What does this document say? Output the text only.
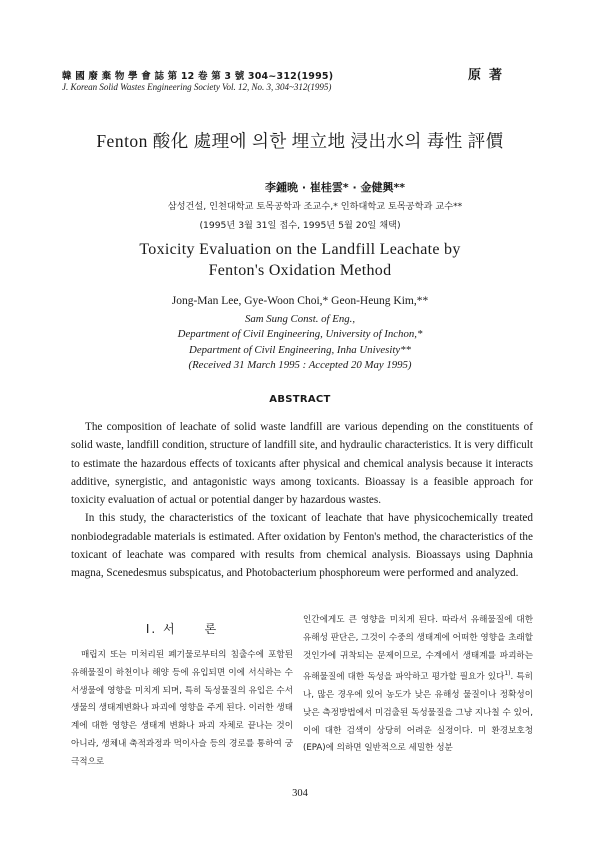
韓 國 廢 棄 物 學 會 誌 第 12 卷 第 3 號 304~312(1995)
J. Korean Solid Wastes Engineering Society Vol. 12, No. 3, 304~312(1995)
原著
Fenton 酸化 處理에 의한 埋立地 浸出水의 毒性 評價
李鍾晩 · 崔桂雲* · 金健興**
삼성건설, 인천대학교 토목공학과 조교수,* 인하대학교 토목공학과 교수**
(1995년 3월 31일 접수, 1995년 5월 20일 채택)
Toxicity Evaluation on the Landfill Leachate by
Fenton's Oxidation Method
Jong-Man Lee, Gye-Woon Choi,* Geon-Heung Kim,**
Sam Sung Const. of Eng.,
Department of Civil Engineering, University of Inchon,*
Department of Civil Engineering, Inha Univesity**
(Received 31 March 1995 : Accepted 20 May 1995)
ABSTRACT

The composition of leachate of solid waste landfill are various depending on the constituents of solid waste, landfill condition, structure of landfill site, and hydraulic characteristics. It is very difficult to estimate the hazardous effects of toxicants after physical and chemical analysis because it interacts additive, synergistic, and antagonistic ways among toxicants. Bioassay is a feasible approach for toxicity evaluation of actual or potential danger by hazardous wastes.

In this study, the characteristics of the toxicant of leachate that have physicochemically treated nonbiodegradable materials is estimated. After oxidation by Fenton's method, the characteristics of the toxicant of leachate was compared with results from chemical analysis. Bioassays using Daphnia magna, Scenedesmus subspicatus, and Photobacterium phosphoreum were performed and analyzed.

I. 서 론

매립지 또는 미처리된 폐기물로부터의 침출수에 포함된 유해물질이 하천이나 해양 등에 유입되면 이에 서식하는 수서생물에 영향을 미치게 되며, 특히 독성물질의 유입은 수서생물의 생태계변화나 파괴에 영향을 주게 된다. 이러한 생태계에 대한 영향은 생태계 변화나 파괴 자체로 끝나는 것이 아니라, 생체내 축적과정과 먹이사슬 등의 경로를 통하여 궁극적으로

인간에게도 큰 영향을 미치게 된다. 따라서 유해물질에 대한 유해성 판단은, 그것이 수중의 생태계에 어떠한 영향을 초래할 것인가에 귀착되는 문제이므로, 수계에서 생태계를 파괴하는 유해물질에 대한 독성을 파악하고 평가할 필요가 있다$^{1)}$. 특히나, 많은 경우에 있어 농도가 낮은 유해성 물질이나 정확성이 낮은 측정방법에서 미검출된 독성물질을 그냥 지나칠 수 있어, 이에 대한 검색이 상당히 어려운 실정이다. 미 환경보호청(EPA)에 의하면 일반적으로 세밀한 성분

304
